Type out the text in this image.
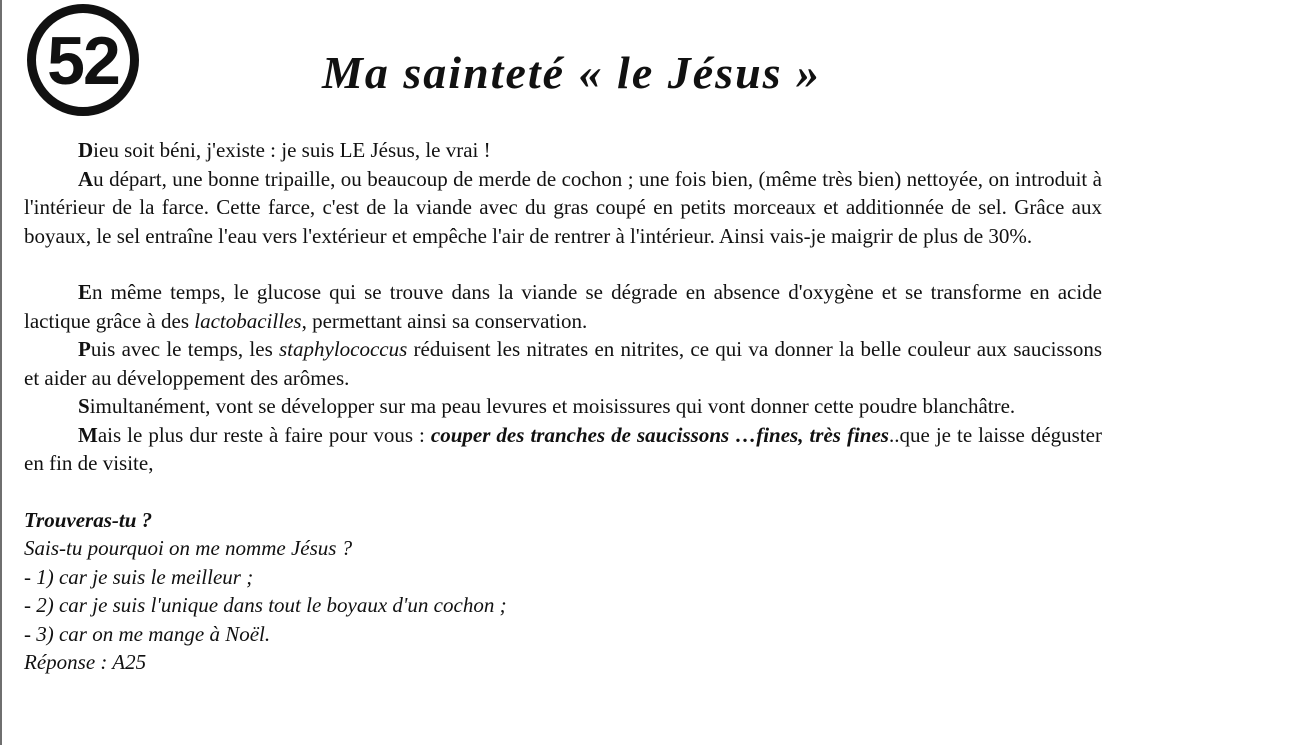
52	Ma sainteté « le Jésus »

Dieu soit béni, j'existe : je suis LE Jésus, le vrai !

Au départ, une bonne tripaille, ou beaucoup de merde de cochon ; une fois bien, (même très bien) nettoyée, on introduit à l'intérieur de la farce. Cette farce, c'est de la viande avec du gras coupé en petits morceaux et additionnée de sel. Grâce aux boyaux, le sel entraîne l'eau vers l'extérieur et empêche l'air de rentrer à l'intérieur. Ainsi vais-je maigrir de plus de 30%.

En même temps, le glucose qui se trouve dans la viande se dégrade en absence d'oxygène et se transforme en acide lactique grâce à des lactobacilles, permettant ainsi sa conservation.

Puis avec le temps, les staphylococcus réduisent les nitrates en nitrites, ce qui va donner la belle couleur aux saucissons et aider au développement des arômes.

Simultanément, vont se développer sur ma peau levures et moisissures qui vont donner cette poudre blanchâtre.

Mais le plus dur reste à faire pour vous : couper des tranches de saucissons …fines, très fines..que je te laisse déguster en fin de visite,

Trouveras-tu ?
Sais-tu pourquoi on me nomme Jésus ?
- 1) car je suis le meilleur ;
- 2) car je suis l'unique dans tout le boyaux d'un cochon ;
- 3) car on me mange à Noël.
Réponse : A25
